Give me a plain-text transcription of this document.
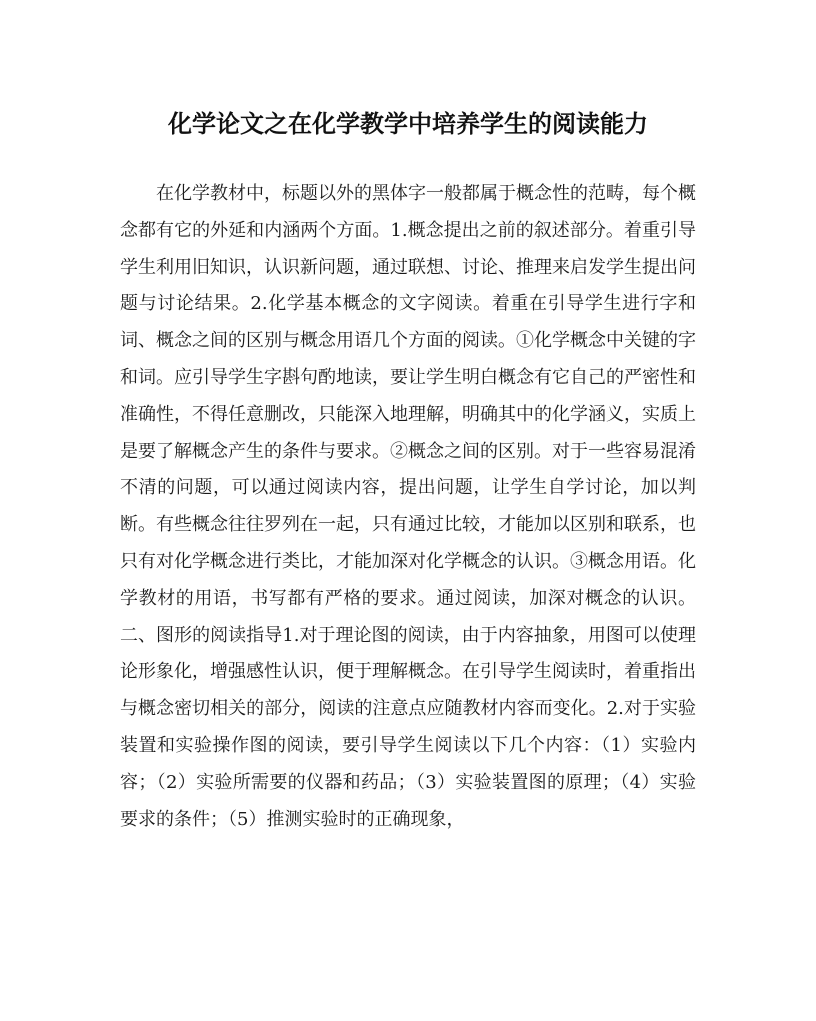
化学论文之在化学教学中培养学生的阅读能力

在化学教材中，标题以外的黑体字一般都属于概念性的范畴，每个概念都有它的外延和内涵两个方面。1.概念提出之前的叙述部分。着重引导学生利用旧知识，认识新问题，通过联想、讨论、推理来启发学生提出问题与讨论结果。2.化学基本概念的文字阅读。着重在引导学生进行字和词、概念之间的区别与概念用语几个方面的阅读。①化学概念中关键的字和词。应引导学生字斟句酌地读，要让学生明白概念有它自己的严密性和准确性，不得任意删改，只能深入地理解，明确其中的化学涵义，实质上是要了解概念产生的条件与要求。②概念之间的区别。对于一些容易混淆不清的问题，可以通过阅读内容，提出问题，让学生自学讨论，加以判断。有些概念往往罗列在一起，只有通过比较，才能加以区别和联系，也只有对化学概念进行类比，才能加深对化学概念的认识。③概念用语。化学教材的用语，书写都有严格的要求。通过阅读，加深对概念的认识。二、图形的阅读指导1.对于理论图的阅读，由于内容抽象，用图可以使理论形象化，增强感性认识，便于理解概念。在引导学生阅读时，着重指出与概念密切相关的部分，阅读的注意点应随教材内容而变化。2.对于实验装置和实验操作图的阅读，要引导学生阅读以下几个内容：（1）实验内容；（2）实验所需要的仪器和药品；（3）实验装置图的原理；（4）实验要求的条件；（5）推测实验时的正确现象，
